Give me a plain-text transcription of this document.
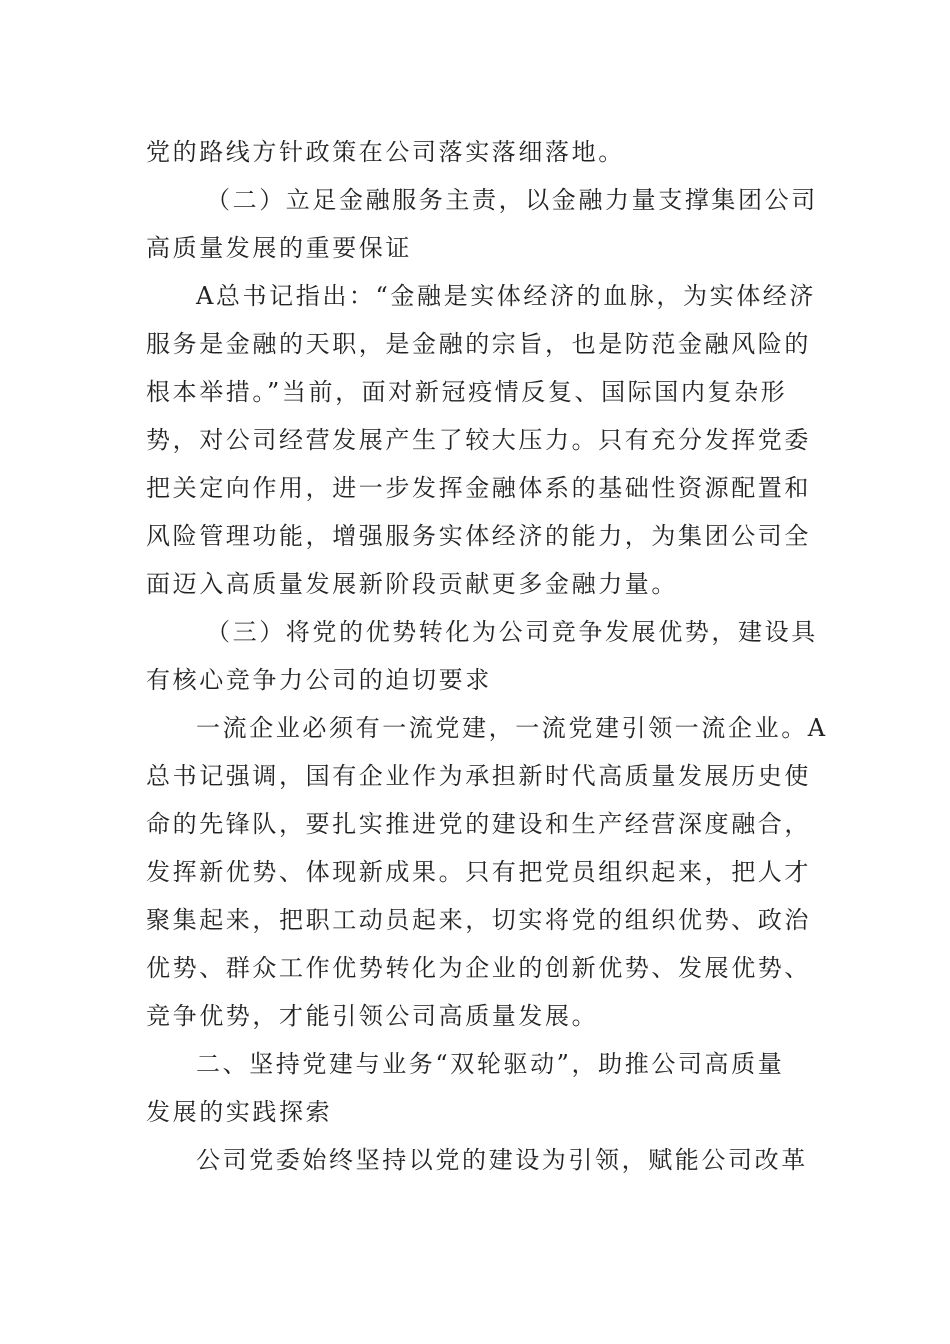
党的路线方针政策在公司落实落细落地。
（二）立足金融服务主责，以金融力量支撑集团公司
高质量发展的重要保证
A总书记指出：“金融是实体经济的血脉，为实体经济
服务是金融的天职，是金融的宗旨，也是防范金融风险的
根本举措。”当前，面对新冠疫情反复、国际国内复杂形
势，对公司经营发展产生了较大压力。只有充分发挥党委
把关定向作用，进一步发挥金融体系的基础性资源配置和
风险管理功能，增强服务实体经济的能力，为集团公司全
面迈入高质量发展新阶段贡献更多金融力量。
（三）将党的优势转化为公司竞争发展优势，建设具
有核心竞争力公司的迫切要求
一流企业必须有一流党建，一流党建引领一流企业。A
总书记强调，国有企业作为承担新时代高质量发展历史使
命的先锋队，要扎实推进党的建设和生产经营深度融合，
发挥新优势、体现新成果。只有把党员组织起来，把人才
聚集起来，把职工动员起来，切实将党的组织优势、政治
优势、群众工作优势转化为企业的创新优势、发展优势、
竞争优势，才能引领公司高质量发展。
二、坚持党建与业务“双轮驱动”，助推公司高质量
发展的实践探索
公司党委始终坚持以党的建设为引领，赋能公司改革
